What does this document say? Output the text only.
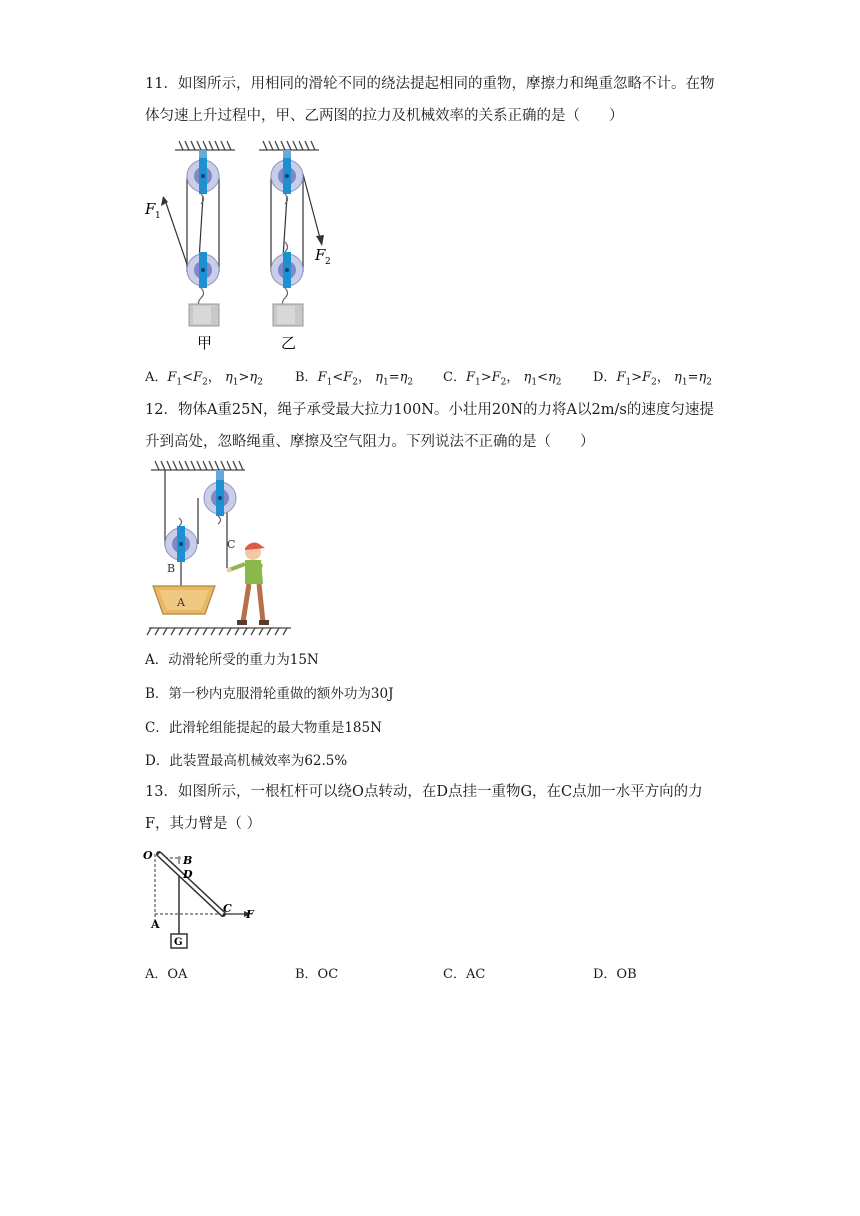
11．如图所示，用相同的滑轮不同的绕法提起相同的重物，摩擦力和绳重忽略不计。在物体匀速上升过程中，甲、乙两图的拉力及机械效率的关系正确的是（　　）
F 1
F 2
甲	乙
A．$F_1<F_2$， $\eta_1>\eta_2$ B．$F_1<F_2$， $\eta_1=\eta_2$ C．$F_1>F_2$， $\eta_1<\eta_2$ D．$F_1>F_2$， $\eta_1=\eta_2$
12．物体A重25N，绳子承受最大拉力100N。小壮用20N的力将A以2m/s的速度匀速提升到高处，忽略绳重、摩擦及空气阻力。下列说法不正确的是（　　）
A
B
C
A．动滑轮所受的重力为15N
B．第一秒内克服滑轮重做的额外功为30J
C．此滑轮组能提起的最大物重是185N
D．此装置最高机械效率为62.5%
13．如图所示，一根杠杆可以绕O点转动，在D点挂一重物G，在C点加一水平方向的力F，其力臂是（ ）
G
O	B
D
C F
A
A．OA	B．OC	C．AC	D．OB
